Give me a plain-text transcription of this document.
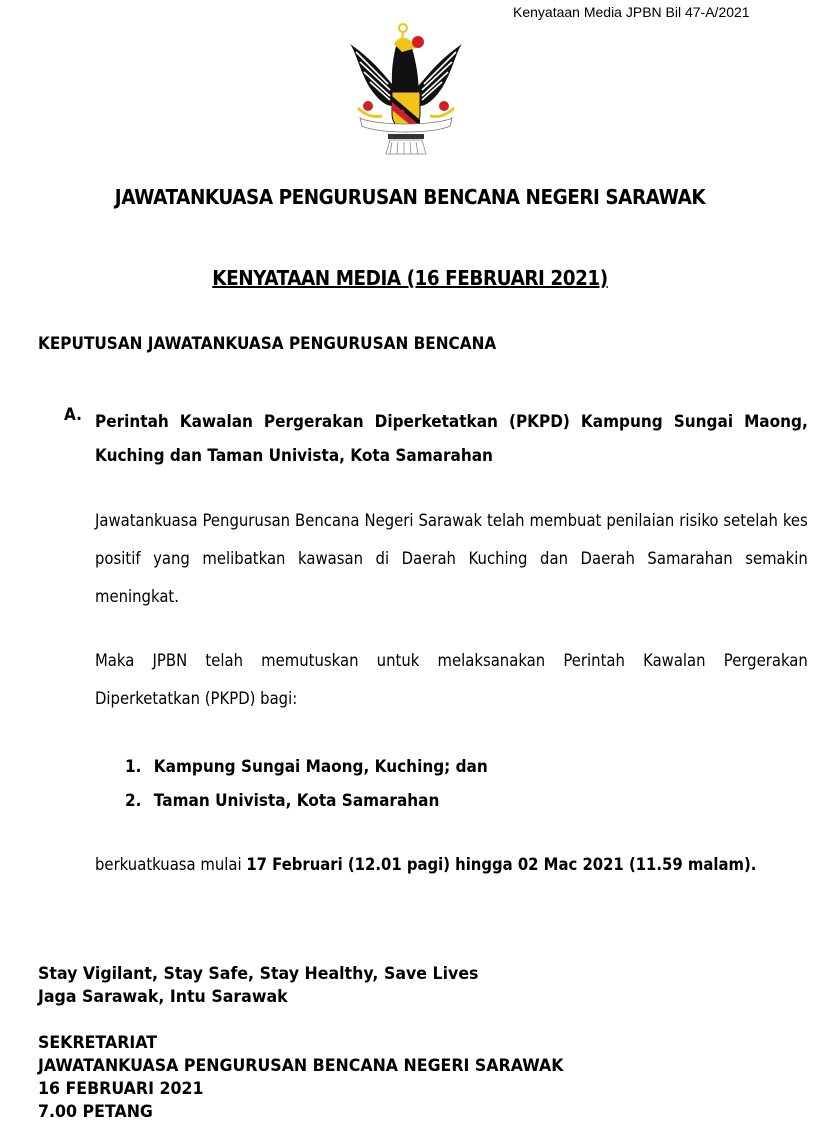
Kenyataan Media JPBN Bil 47-A/2021
JAWATANKUASA PENGURUSAN BENCANA NEGERI SARAWAK
KENYATAAN MEDIA (16 FEBRUARI 2021)
KEPUTUSAN JAWATANKUASA PENGURUSAN BENCANA
A. Perintah Kawalan Pergerakan Diperketatkan (PKPD) Kampung Sungai Maong, Kuching dan Taman Univista, Kota Samarahan
Jawatankuasa Pengurusan Bencana Negeri Sarawak telah membuat penilaian risiko setelah kes positif yang melibatkan kawasan di Daerah Kuching dan Daerah Samarahan semakin meningkat.
Maka JPBN telah memutuskan untuk melaksanakan Perintah Kawalan Pergerakan Diperketatkan (PKPD) bagi:
1. Kampung Sungai Maong, Kuching; dan
2. Taman Univista, Kota Samarahan
berkuatkuasa mulai 17 Februari (12.01 pagi) hingga 02 Mac 2021 (11.59 malam).
Stay Vigilant, Stay Safe, Stay Healthy, Save Lives
Jaga Sarawak, Intu Sarawak
SEKRETARIAT
JAWATANKUASA PENGURUSAN BENCANA NEGERI SARAWAK
16 FEBRUARI 2021
7.00 PETANG
